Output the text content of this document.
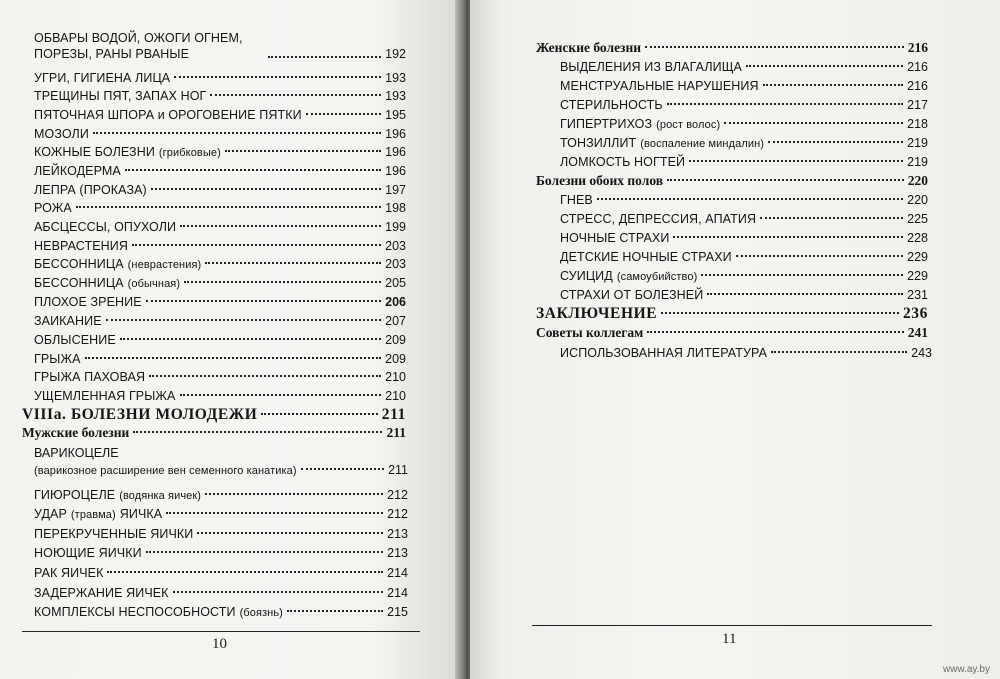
ОБВАРЫ ВОДОЙ, ОЖОГИ ОГНЕМ, ПОРЕЗЫ, РАНЫ РВАНЫЕ	192
УГРИ, ГИГИЕНА ЛИЦА	193
ТРЕЩИНЫ ПЯТ, ЗАПАХ НОГ	193
ПЯТОЧНАЯ ШПОРА и ОРОГОВЕНИЕ ПЯТКИ	195
МОЗОЛИ	196
КОЖНЫЕ БОЛЕЗНИ (грибковые)	196
ЛЕЙКОДЕРМА	196
ЛЕПРА (ПРОКАЗА)	197
РОЖА	198
АБСЦЕССЫ, ОПУХОЛИ	199
НЕВРАСТЕНИЯ	203
БЕССОННИЦА (неврастения)	203
БЕССОННИЦА (обычная)	205
ПЛОХОЕ ЗРЕНИЕ	206
ЗАИКАНИЕ	207
ОБЛЫСЕНИЕ	209
ГРЫЖА	209
ГРЫЖА ПАХОВАЯ	210
УЩЕМЛЕННАЯ ГРЫЖА	210
VIIIа. БОЛЕЗНИ МОЛОДЕЖИ	211
Мужские болезни	211
ВАРИКОЦЕЛЕ
(варикозное расширение вен семенного канатика)	211
ГИЮРОЦЕЛЕ (водянка яичек)	212
УДАР (травма) ЯИЧКА	212
ПЕРЕКРУЧЕННЫЕ ЯИЧКИ	213
НОЮЩИЕ ЯИЧКИ	213
РАК ЯИЧЕК	214
ЗАДЕРЖАНИЕ ЯИЧЕК	214
КОМПЛЕКСЫ НЕСПОСОБНОСТИ (боязнь)	215
10
Женские болезни	216
ВЫДЕЛЕНИЯ ИЗ ВЛАГАЛИЩА	216
МЕНСТРУАЛЬНЫЕ НАРУШЕНИЯ	216
СТЕРИЛЬНОСТЬ	217
ГИПЕРТРИХОЗ (рост волос)	218
ТОНЗИЛЛИТ (воспаление миндалин)	219
ЛОМКОСТЬ НОГТЕЙ	219
Болезни обоих полов	220
ГНЕВ	220
СТРЕСС, ДЕПРЕССИЯ, АПАТИЯ	225
НОЧНЫЕ СТРАХИ	228
ДЕТСКИЕ НОЧНЫЕ СТРАХИ	229
СУИЦИД (самоубийство)	229
СТРАХИ ОТ БОЛЕЗНЕЙ	231
ЗАКЛЮЧЕНИЕ	236
Советы коллегам	241
ИСПОЛЬЗОВАННАЯ ЛИТЕРАТУРА	243
11
www.ay.by
